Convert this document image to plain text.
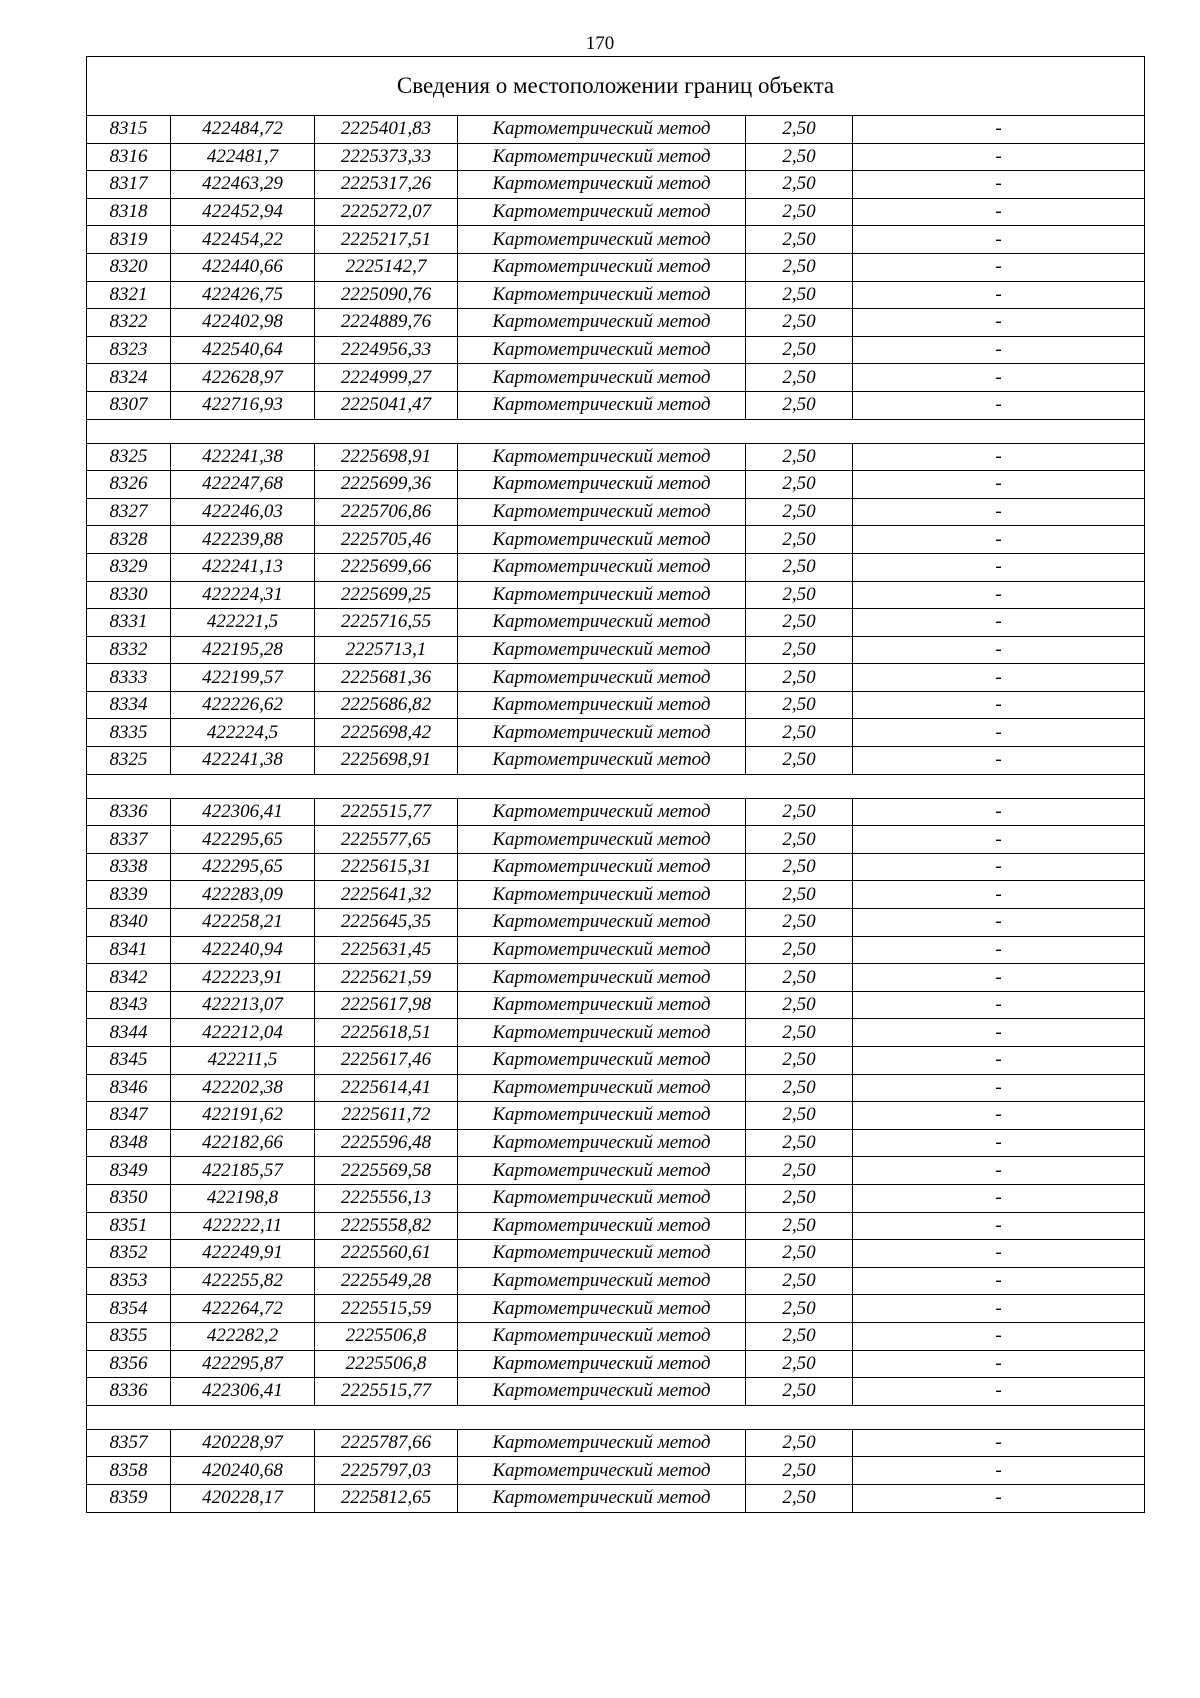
170
Сведения о местоположении границ объекта					
8315	422484,72	2225401,83	Картометрический метод	2,50	-
8316	422481,7	2225373,33	Картометрический метод	2,50	-
8317	422463,29	2225317,26	Картометрический метод	2,50	-
8318	422452,94	2225272,07	Картометрический метод	2,50	-
8319	422454,22	2225217,51	Картометрический метод	2,50	-
8320	422440,66	2225142,7	Картометрический метод	2,50	-
8321	422426,75	2225090,76	Картометрический метод	2,50	-
8322	422402,98	2224889,76	Картометрический метод	2,50	-
8323	422540,64	2224956,33	Картометрический метод	2,50	-
8324	422628,97	2224999,27	Картометрический метод	2,50	-
8307	422716,93	2225041,47	Картометрический метод	2,50	-

8325	422241,38	2225698,91	Картометрический метод	2,50	-
8326	422247,68	2225699,36	Картометрический метод	2,50	-
8327	422246,03	2225706,86	Картометрический метод	2,50	-
8328	422239,88	2225705,46	Картометрический метод	2,50	-
8329	422241,13	2225699,66	Картометрический метод	2,50	-
8330	422224,31	2225699,25	Картометрический метод	2,50	-
8331	422221,5	2225716,55	Картометрический метод	2,50	-
8332	422195,28	2225713,1	Картометрический метод	2,50	-
8333	422199,57	2225681,36	Картометрический метод	2,50	-
8334	422226,62	2225686,82	Картометрический метод	2,50	-
8335	422224,5	2225698,42	Картометрический метод	2,50	-
8325	422241,38	2225698,91	Картометрический метод	2,50	-

8336	422306,41	2225515,77	Картометрический метод	2,50	-
8337	422295,65	2225577,65	Картометрический метод	2,50	-
8338	422295,65	2225615,31	Картометрический метод	2,50	-
8339	422283,09	2225641,32	Картометрический метод	2,50	-
8340	422258,21	2225645,35	Картометрический метод	2,50	-
8341	422240,94	2225631,45	Картометрический метод	2,50	-
8342	422223,91	2225621,59	Картометрический метод	2,50	-
8343	422213,07	2225617,98	Картометрический метод	2,50	-
8344	422212,04	2225618,51	Картометрический метод	2,50	-
8345	422211,5	2225617,46	Картометрический метод	2,50	-
8346	422202,38	2225614,41	Картометрический метод	2,50	-
8347	422191,62	2225611,72	Картометрический метод	2,50	-
8348	422182,66	2225596,48	Картометрический метод	2,50	-
8349	422185,57	2225569,58	Картометрический метод	2,50	-
8350	422198,8	2225556,13	Картометрический метод	2,50	-
8351	422222,11	2225558,82	Картометрический метод	2,50	-
8352	422249,91	2225560,61	Картометрический метод	2,50	-
8353	422255,82	2225549,28	Картометрический метод	2,50	-
8354	422264,72	2225515,59	Картометрический метод	2,50	-
8355	422282,2	2225506,8	Картометрический метод	2,50	-
8356	422295,87	2225506,8	Картометрический метод	2,50	-
8336	422306,41	2225515,77	Картометрический метод	2,50	-

8357	420228,97	2225787,66	Картометрический метод	2,50	-
8358	420240,68	2225797,03	Картометрический метод	2,50	-
8359	420228,17	2225812,65	Картометрический метод	2,50	-
